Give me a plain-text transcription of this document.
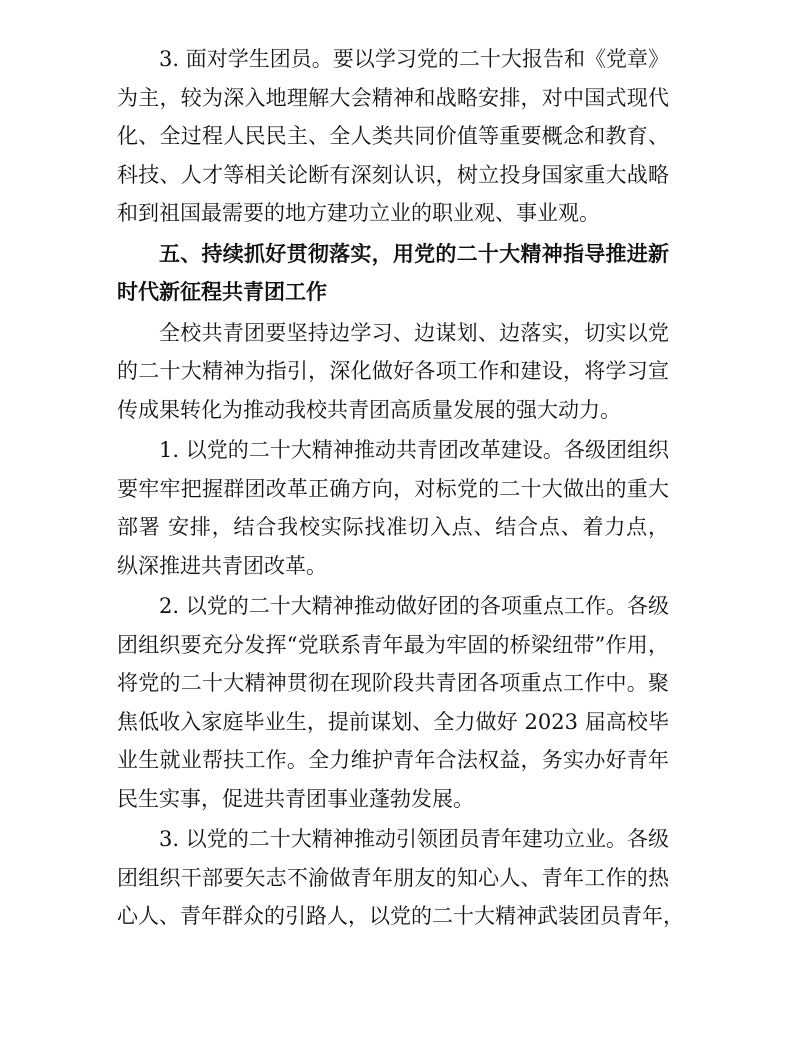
3. 面对学生团员。要以学习党的二十大报告和《党章》
为主，较为深入地理解大会精神和战略安排，对中国式现代
化、全过程人民民主、全人类共同价值等重要概念和教育、
科技、人才等相关论断有深刻认识，树立投身国家重大战略
和到祖国最需要的地方建功立业的职业观、事业观。

五、持续抓好贯彻落实，用党的二十大精神指导推进新
时代新征程共青团工作

全校共青团要坚持边学习、边谋划、边落实，切实以党
的二十大精神为指引，深化做好各项工作和建设，将学习宣
传成果转化为推动我校共青团高质量发展的强大动力。

1. 以党的二十大精神推动共青团改革建设。各级团组织
要牢牢把握群团改革正确方向，对标党的二十大做出的重大
部署 安排，结合我校实际找准切入点、结合点、着力点，
纵深推进共青团改革。

2. 以党的二十大精神推动做好团的各项重点工作。各级
团组织要充分发挥“党联系青年最为牢固的桥梁纽带”作用，
将党的二十大精神贯彻在现阶段共青团各项重点工作中。聚
焦低收入家庭毕业生，提前谋划、全力做好 2023 届高校毕
业生就业帮扶工作。全力维护青年合法权益，务实办好青年
民生实事，促进共青团事业蓬勃发展。

3. 以党的二十大精神推动引领团员青年建功立业。各级
团组织干部要矢志不渝做青年朋友的知心人、青年工作的热
心人、青年群众的引路人，以党的二十大精神武装团员青年，
